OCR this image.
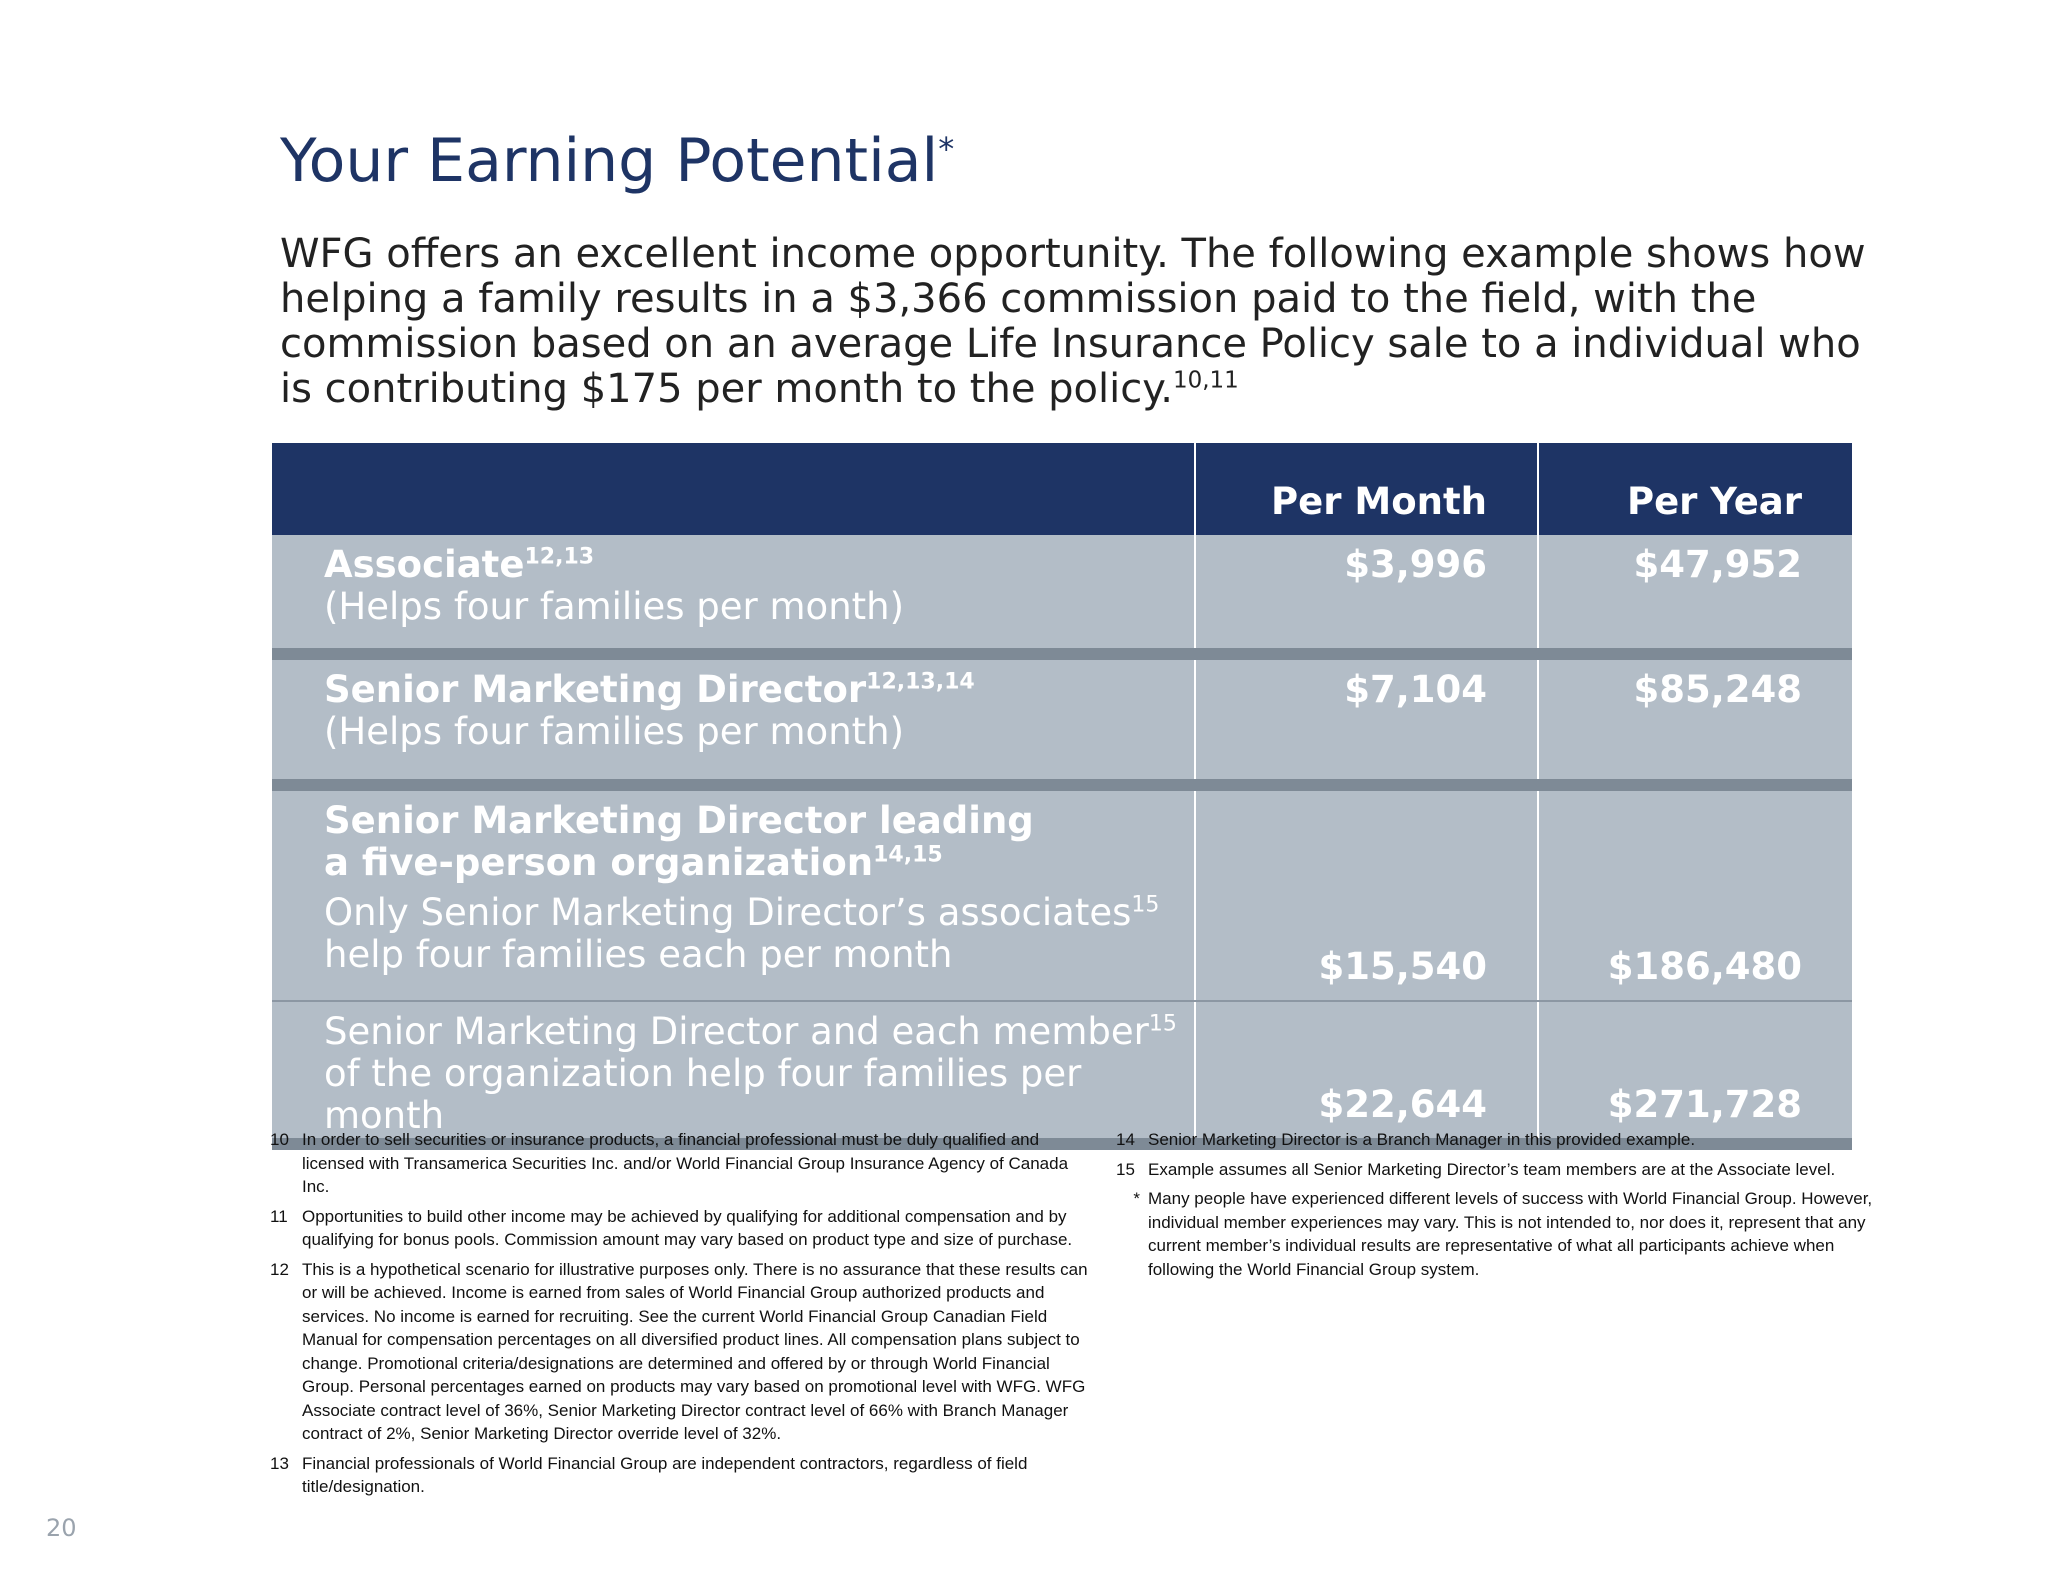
Your Earning Potential*

WFG offers an excellent income opportunity. The following example shows how helping a family results in a $3,366 commission paid to the field, with the commission based on an average Life Insurance Policy sale to a individual who is contributing $175 per month to the policy.$^{10,11}$

	Per Month	Per Year

Associate$^{12,13}$
(Helps four families per month)	$3,996	$47,952

Senior Marketing Director$^{12,13,14}$
(Helps four families per month)	$7,104	$85,248

Senior Marketing Director leading
a five-person organization$^{14,15}$
Only Senior Marketing Director’s associates$^{15}$
help four families each per month	$15,540	$186,480

Senior Marketing Director and each member$^{15}$
of the organization help four families per month	$22,644	$271,728

10 In order to sell securities or insurance products, a financial professional must be duly qualified and licensed with Transamerica Securities Inc. and/or World Financial Group Insurance Agency of Canada Inc.
11 Opportunities to build other income may be achieved by qualifying for additional compensation and by qualifying for bonus pools. Commission amount may vary based on product type and size of purchase.
12 This is a hypothetical scenario for illustrative purposes only. There is no assurance that these results can or will be achieved. Income is earned from sales of World Financial Group authorized products and services. No income is earned for recruiting. See the current World Financial Group Canadian Field Manual for compensation percentages on all diversified product lines. All compensation plans subject to change. Promotional criteria/designations are determined and offered by or through World Financial Group. Personal percentages earned on products may vary based on promotional level with WFG. WFG Associate contract level of 36%, Senior Marketing Director contract level of 66% with Branch Manager contract of 2%, Senior Marketing Director override level of 32%.
13 Financial professionals of World Financial Group are independent contractors, regardless of field title/designation.
14 Senior Marketing Director is a Branch Manager in this provided example.
15 Example assumes all Senior Marketing Director’s team members are at the Associate level.
* Many people have experienced different levels of success with World Financial Group. However, individual member experiences may vary. This is not intended to, nor does it, represent that any current member’s individual results are representative of what all participants achieve when following the World Financial Group system.
20
